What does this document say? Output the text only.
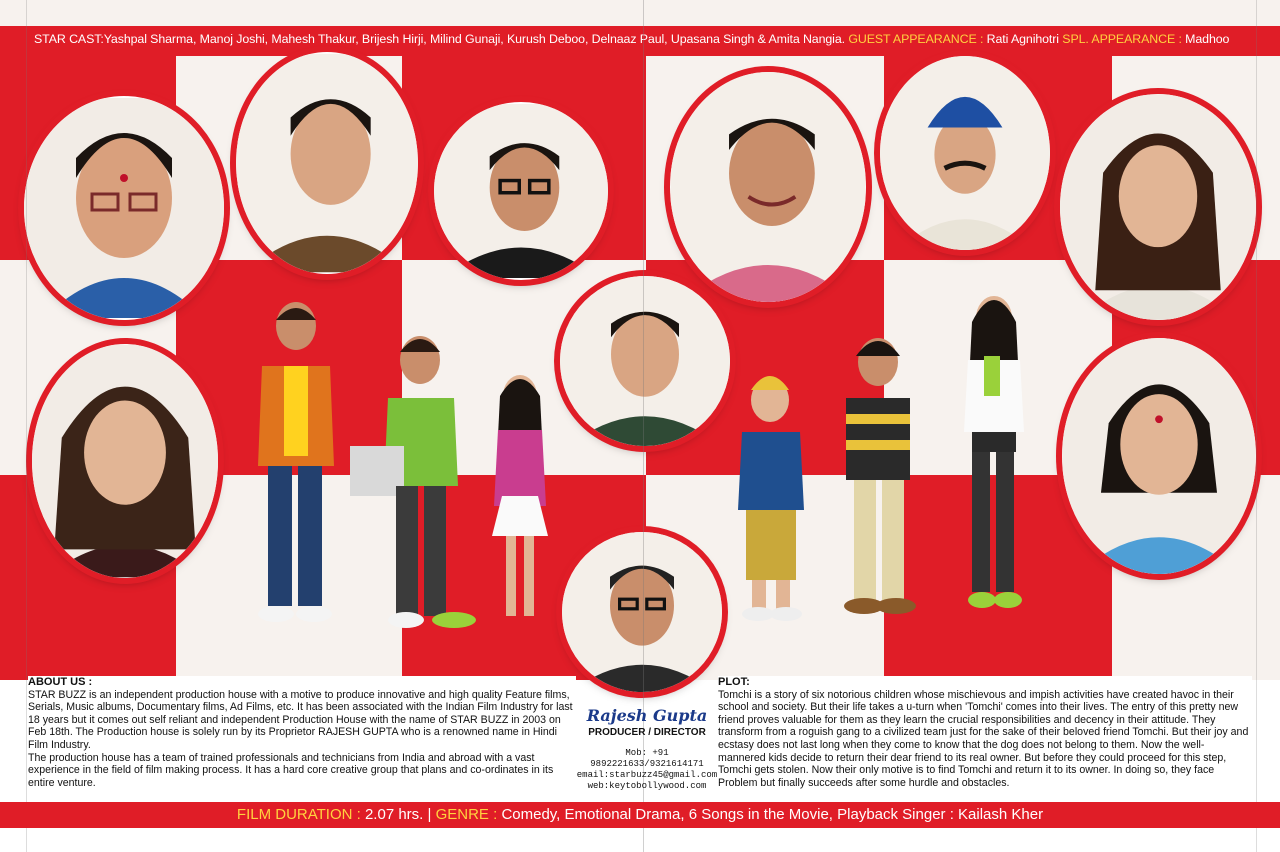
STAR CAST:Yashpal Sharma, Manoj Joshi, Mahesh Thakur, Brijesh Hirji, Milind Gunaji, Kurush Deboo, Delnaaz Paul, Upasana Singh & Amita Nangia. GUEST APPEARANCE : Rati Agnihotri SPL. APPEARANCE : Madhoo
ABOUT US :
STAR BUZZ is an independent production house with a motive to produce innovative and high quality Feature films, Serials, Music albums, Documentary films, Ad Films, etc. It has been associated with the Indian Film Industry for last 18 years but it comes out self reliant and independent Production House with the name of STAR BUZZ in 2003 on Feb 18th. The Production house is solely run by its Proprietor RAJESH GUPTA who is a renowned name in Hindi Film Industry.
The production house has a team of trained professionals and technicians from India and abroad with a vast experience in the field of film making process. It has a hard core creative group that plans and co-ordinates in its entire venture.
Rajesh Gupta
PRODUCER / DIRECTOR
Mob: +91 9892221633/9321614171
email:starbuzz45@gmail.com
web:keytobollywood.com
PLOT:
Tomchi is a story of six notorious children whose mischievous and impish activities have created havoc in their school and society. But their life takes a u-turn when 'Tomchi' comes into their lives. The entry of this pretty new friend proves valuable for them as they learn the crucial responsibilities and decency in their attitude. They transform from a roguish gang to a civilized team just for the sake of their beloved friend Tomchi. But their joy and ecstasy does not last long when they come to know that the dog does not belong to them. Now the well-mannered kids decide to return their dear friend to its real owner. But before they could proceed for this step, Tomchi gets stolen. Now their only motive is to find Tomchi and return it to its owner. In doing so, they face Problem but finally succeeds after some hurdle and obstacles.
FILM DURATION : 2.07 hrs. | GENRE : Comedy, Emotional Drama, 6 Songs in the Movie, Playback Singer : Kailash Kher
